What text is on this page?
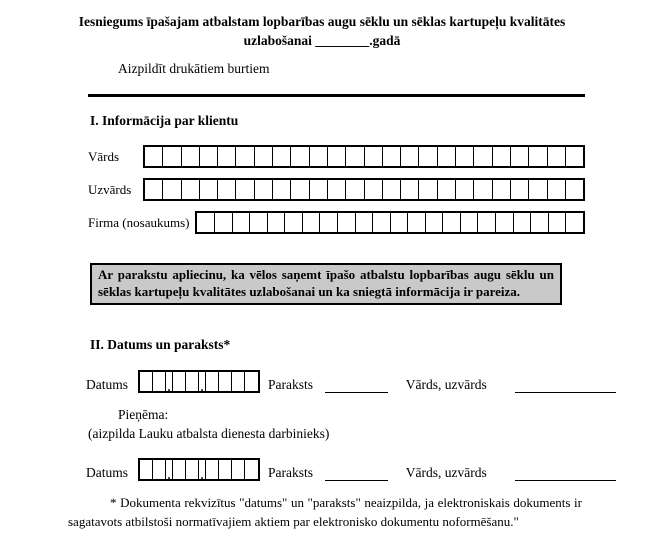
Iesniegums īpašajam atbalstam lopbarības augu sēklu un sēklas kartupeļu kvalitātes uzlabošanai ________.gadā
Aizpildīt drukātiem burtiem
I. Informācija par klientu
Vārds
Uzvārds
Firma (nosaukums)
Ar parakstu apliecinu, ka vēlos saņemt īpašo atbalstu lopbarības augu sēklu un sēklas kartupeļu kvalitātes uzlabošanai un ka sniegtā informācija ir pareiza.
II. Datums un paraksts*
Datums	.	.	Paraksts	Vārds, uzvārds
Pieņēma:
(aizpilda Lauku atbalsta dienesta darbinieks)
Datums	.	.	Paraksts	Vārds, uzvārds
* Dokumenta rekvizītus "datums" un "paraksts" neaizpilda, ja elektroniskais dokuments ir sagatavots atbilstoši normatīvajiem aktiem par elektronisko dokumentu noformēšanu."
